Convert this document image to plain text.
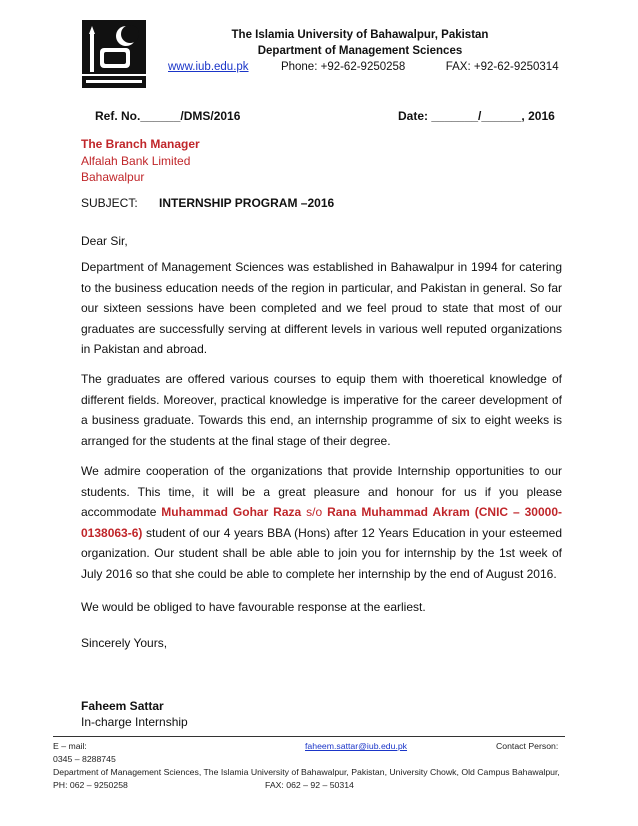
The Islamia University of Bahawalpur, Pakistan
Department of Management Sciences
www.iub.edu.pk	Phone: +92-62-9250258	FAX: +92-62-9250314
Ref. No.______/DMS/2016	Date: _______/______, 2016
The Branch Manager
Alfalah Bank Limited
Bahawalpur
SUBJECT: INTERNSHIP PROGRAM –2016
Dear Sir,
Department of Management Sciences was established in Bahawalpur in 1994 for catering to the business education needs of the region in particular, and Pakistan in general. So far our sixteen sessions have been completed and we feel proud to state that most of our graduates are successfully serving at different levels in various well reputed organizations in Pakistan and abroad.
The graduates are offered various courses to equip them with thoeretical knowledge of different fields. Moreover, practical knowledge is imperative for the career development of a business graduate. Towards this end, an internship programme of six to eight weeks is arranged for the students at the final stage of their degree.
We admire cooperation of the organizations that provide Internship opportunities to our students. This time, it will be a great pleasure and honour for us if you please accommodate Muhammad Gohar Raza s/o Rana Muhammad Akram (CNIC – 30000-0138063-6) student of our 4 years BBA (Hons) after 12 Years Education in your esteemed organization. Our student shall be able able to join you for internship by the 1st week of July 2016 so that she could be able to complete her internship by the end of August 2016.
We would be obliged to have favourable response at the earliest.
Sincerely Yours,
Faheem Sattar
In-charge Internship
E – mail:	faheem.sattar@iub.edu.pk	Contact Person:
0345 – 8288745
Department of Management Sciences, The Islamia University of Bahawalpur, Pakistan, University Chowk, Old Campus Bahawalpur,
PH: 062 – 9250258	FAX: 062 – 92 – 50314
